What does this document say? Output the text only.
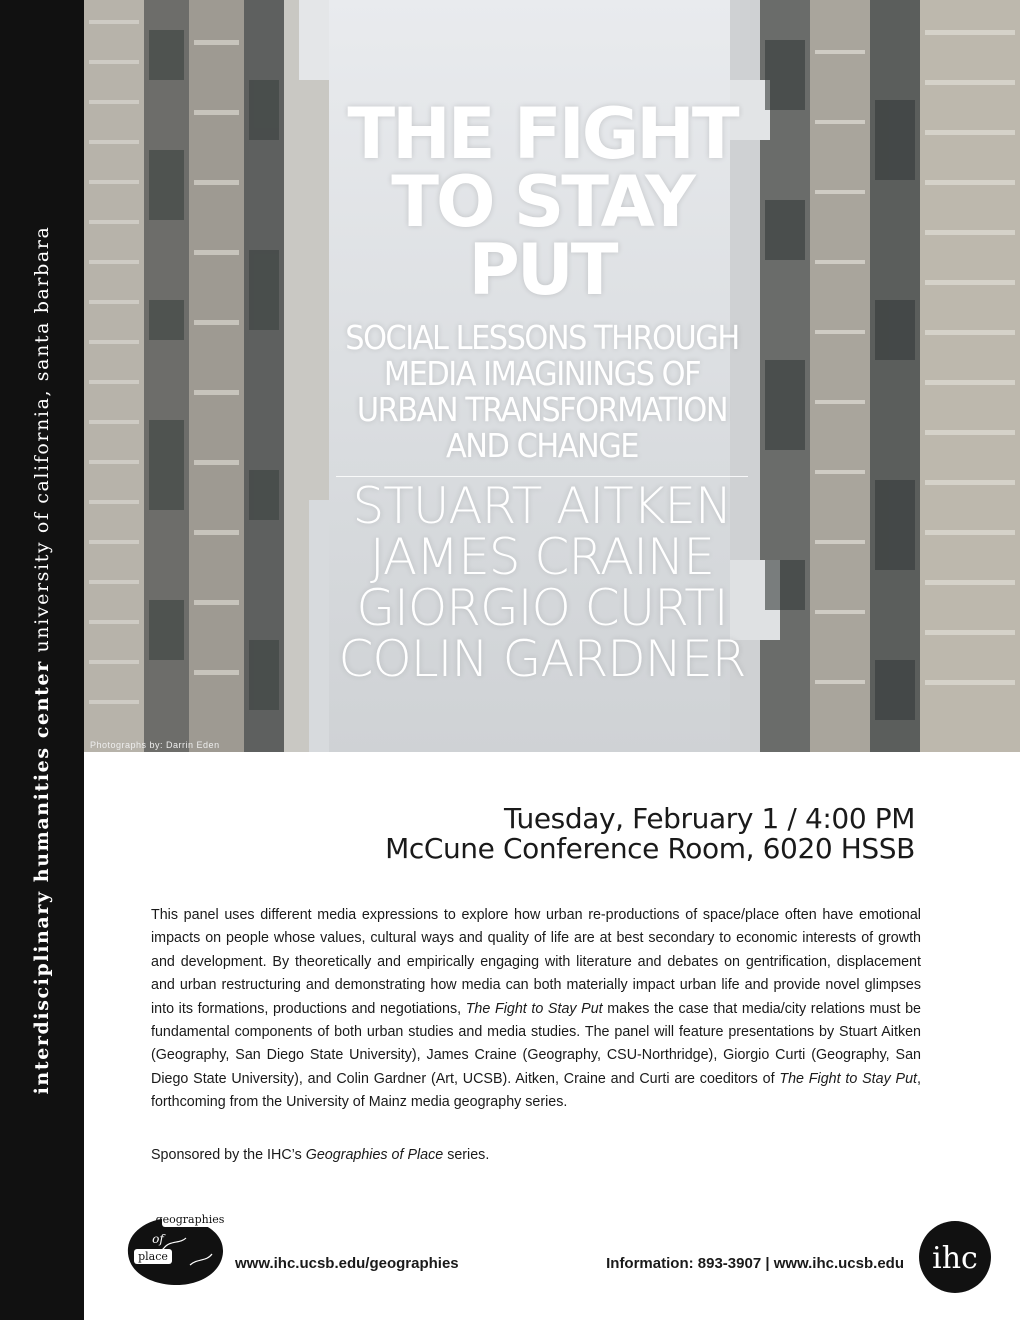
interdisciplinary humanities center university of california, santa barbara
THE FIGHT
TO STAY PUT
SOCIAL LESSONS THROUGH
MEDIA IMAGININGS OF
URBAN TRANSFORMATION
AND CHANGE
STUART AITKEN
JAMES CRAINE
GIORGIO CURTI
COLIN GARDNER
Photographs by: Darrin Eden
Tuesday, February 1 / 4:00 PM
McCune Conference Room, 6020 HSSB

This panel uses different media expressions to explore how urban re-productions of space/place often have emotional impacts on people whose values, cultural ways and quality of life are at best secondary to economic interests of growth and development. By theoretically and empirically engaging with literature and debates on gentrification, displacement and urban restructuring and demonstrating how media can both materially impact urban life and provide novel glimpses into its formations, productions and negotiations, The Fight to Stay Put makes the case that media/city relations must be fundamental components of both urban studies and media studies. The panel will feature presentations by Stuart Aitken (Geography, San Diego State University), James Craine (Geography, CSU-Northridge), Giorgio Curti (Geography, San Diego State University), and Colin Gardner (Art, UCSB). Aitken, Craine and Curti are coeditors of The Fight to Stay Put, forthcoming from the University of Mainz media geography series.

Sponsored by the IHC’s Geographies of Place series.

geographies
of
place	www.ihc.ucsb.edu/geographies	Information: 893-3907 | www.ihc.ucsb.edu ihc
